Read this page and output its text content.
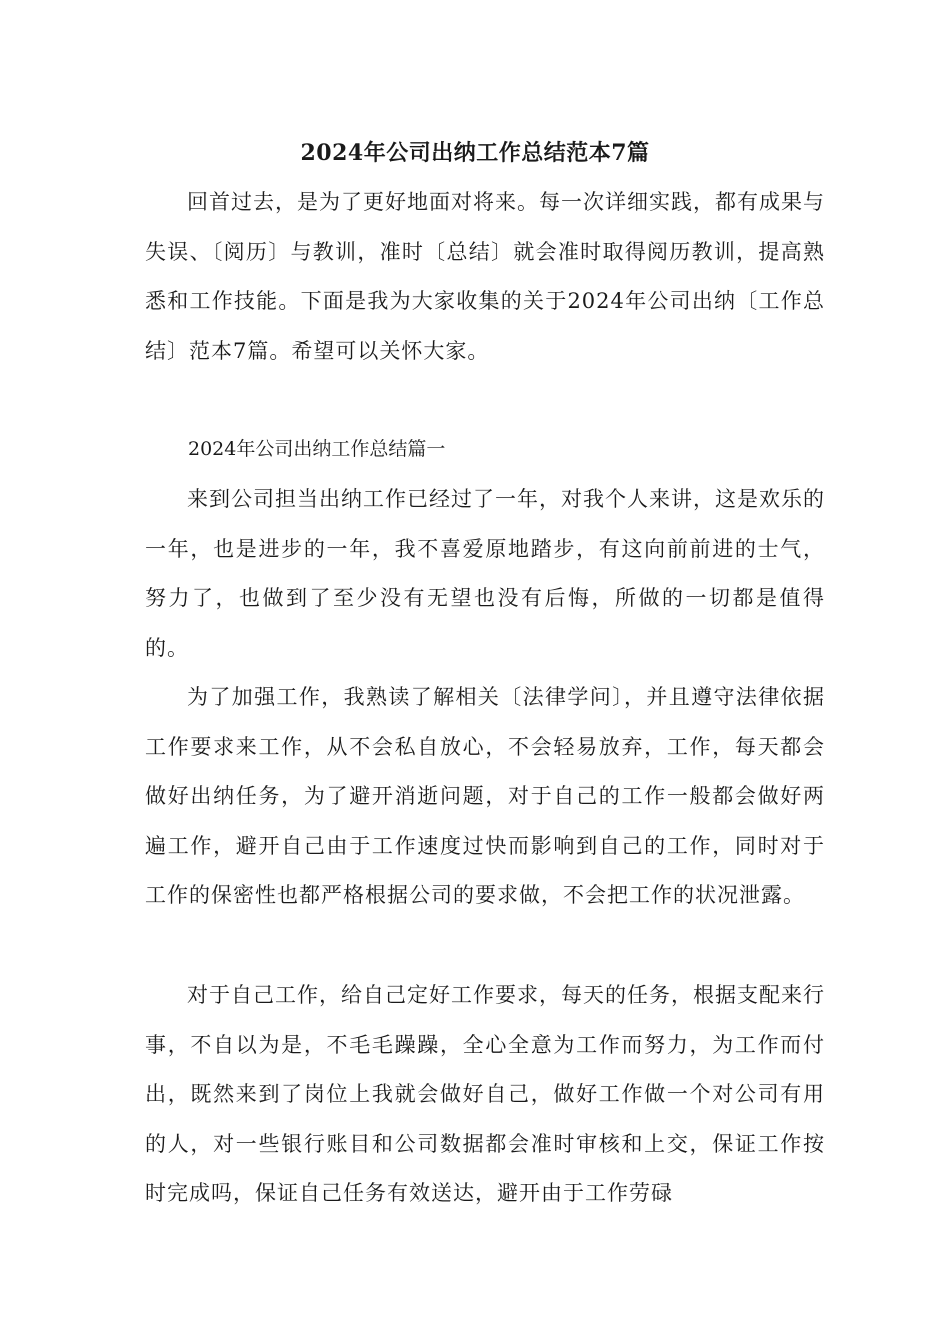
2024年公司出纳工作总结范本7篇

回首过去，是为了更好地面对将来。每一次详细实践，都有成果与失误、〔阅历〕与教训，准时〔总结〕就会准时取得阅历教训，提高熟悉和工作技能。下面是我为大家收集的关于2024年公司出纳〔工作总结〕范本7篇。希望可以关怀大家。

2024年公司出纳工作总结篇一

来到公司担当出纳工作已经过了一年，对我个人来讲，这是欢乐的一年，也是进步的一年，我不喜爱原地踏步，有这向前前进的士气，努力了，也做到了至少没有无望也没有后悔，所做的一切都是值得的。

为了加强工作，我熟读了解相关〔法律学问〕，并且遵守法律依据工作要求来工作，从不会私自放心，不会轻易放弃，工作，每天都会做好出纳任务，为了避开消逝问题，对于自己的工作一般都会做好两遍工作，避开自己由于工作速度过快而影响到自己的工作，同时对于工作的保密性也都严格根据公司的要求做，不会把工作的状况泄露。

对于自己工作，给自己定好工作要求，每天的任务，根据支配来行事，不自以为是，不毛毛躁躁，全心全意为工作而努力，为工作而付出，既然来到了岗位上我就会做好自己，做好工作做一个对公司有用的人，对一些银行账目和公司数据都会准时审核和上交，保证工作按时完成吗，保证自己任务有效送达，避开由于工作劳碌
